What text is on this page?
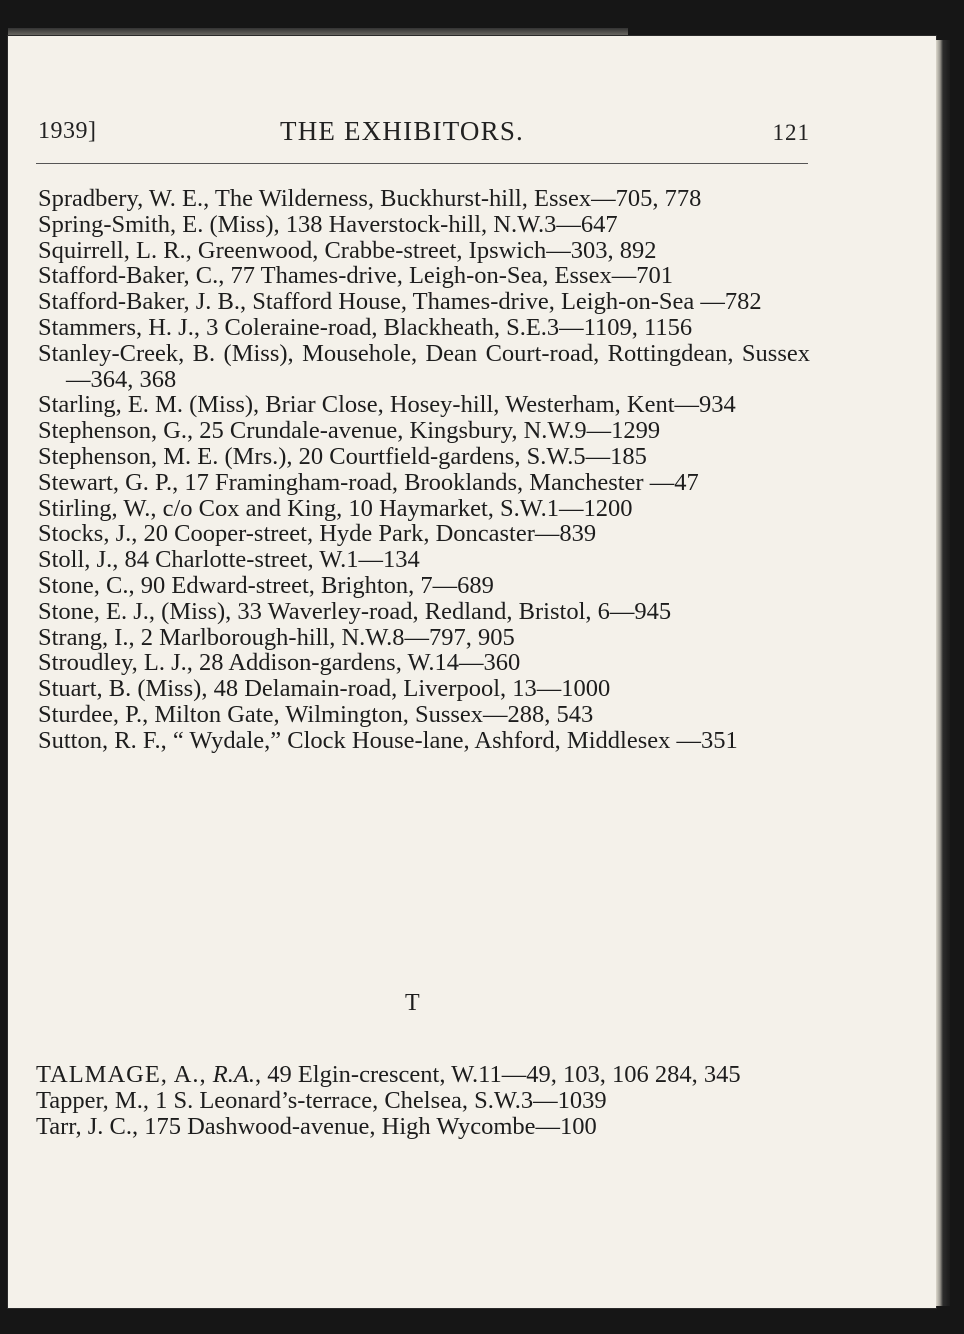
1939]	THE EXHIBITORS.	121
Spradbery, W. E., The Wilderness, Buckhurst-hill, Essex—705, 778
Spring-Smith, E. (Miss), 138 Haverstock-hill, N.W.3—647
Squirrell, L. R., Greenwood, Crabbe-street, Ipswich—303, 892
Stafford-Baker, C., 77 Thames-drive, Leigh-on-Sea, Essex—701
Stafford-Baker, J. B., Stafford House, Thames-drive, Leigh-on-Sea —782
Stammers, H. J., 3 Coleraine-road, Blackheath, S.E.3—1109, 1156
Stanley-Creek, B. (Miss), Mousehole, Dean Court-road, Rottingdean, Sussex—364, 368
Starling, E. M. (Miss), Briar Close, Hosey-hill, Westerham, Kent—934
Stephenson, G., 25 Crundale-avenue, Kingsbury, N.W.9—1299
Stephenson, M. E. (Mrs.), 20 Courtfield-gardens, S.W.5—185
Stewart, G. P., 17 Framingham-road, Brooklands, Manchester —47
Stirling, W., c/o Cox and King, 10 Haymarket, S.W.1—1200
Stocks, J., 20 Cooper-street, Hyde Park, Doncaster—839
Stoll, J., 84 Charlotte-street, W.1—134
Stone, C., 90 Edward-street, Brighton, 7—689
Stone, E. J., (Miss), 33 Waverley-road, Redland, Bristol, 6—945
Strang, I., 2 Marlborough-hill, N.W.8—797, 905
Stroudley, L. J., 28 Addison-gardens, W.14—360
Stuart, B. (Miss), 48 Delamain-road, Liverpool, 13—1000
Sturdee, P., Milton Gate, Wilmington, Sussex—288, 543
Sutton, R. F., “ Wydale,” Clock House-lane, Ashford, Middlesex —351
T
TALMAGE, A., R.A., 49 Elgin-crescent, W.11—49, 103, 106 284, 345
Tapper, M., 1 S. Leonard’s-terrace, Chelsea, S.W.3—1039
Tarr, J. C., 175 Dashwood-avenue, High Wycombe—100
